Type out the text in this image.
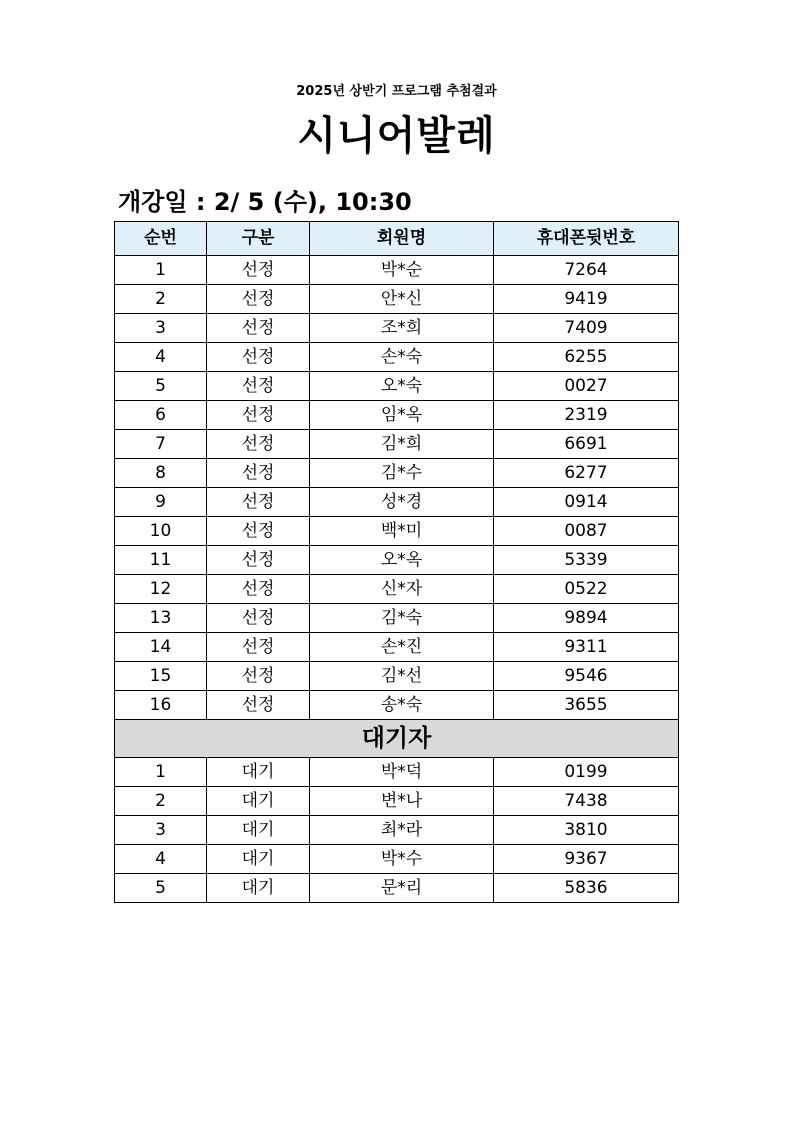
2025년 상반기 프로그램 추첨결과
시니어발레
개강일 : 2/ 5 (수), 10:30
순번	구분	회원명	휴대폰뒷번호
1	선정	박*순	7264
2	선정	안*신	9419
3	선정	조*희	7409
4	선정	손*숙	6255
5	선정	오*숙	0027
6	선정	임*옥	2319
7	선정	김*희	6691
8	선정	김*수	6277
9	선정	성*경	0914
10	선정	백*미	0087
11	선정	오*옥	5339
12	선정	신*자	0522
13	선정	김*숙	9894
14	선정	손*진	9311
15	선정	김*선	9546
16	선정	송*숙	3655
대기자			
1	대기	박*덕	0199
2	대기	변*나	7438
3	대기	최*라	3810
4	대기	박*수	9367
5	대기	문*리	5836
